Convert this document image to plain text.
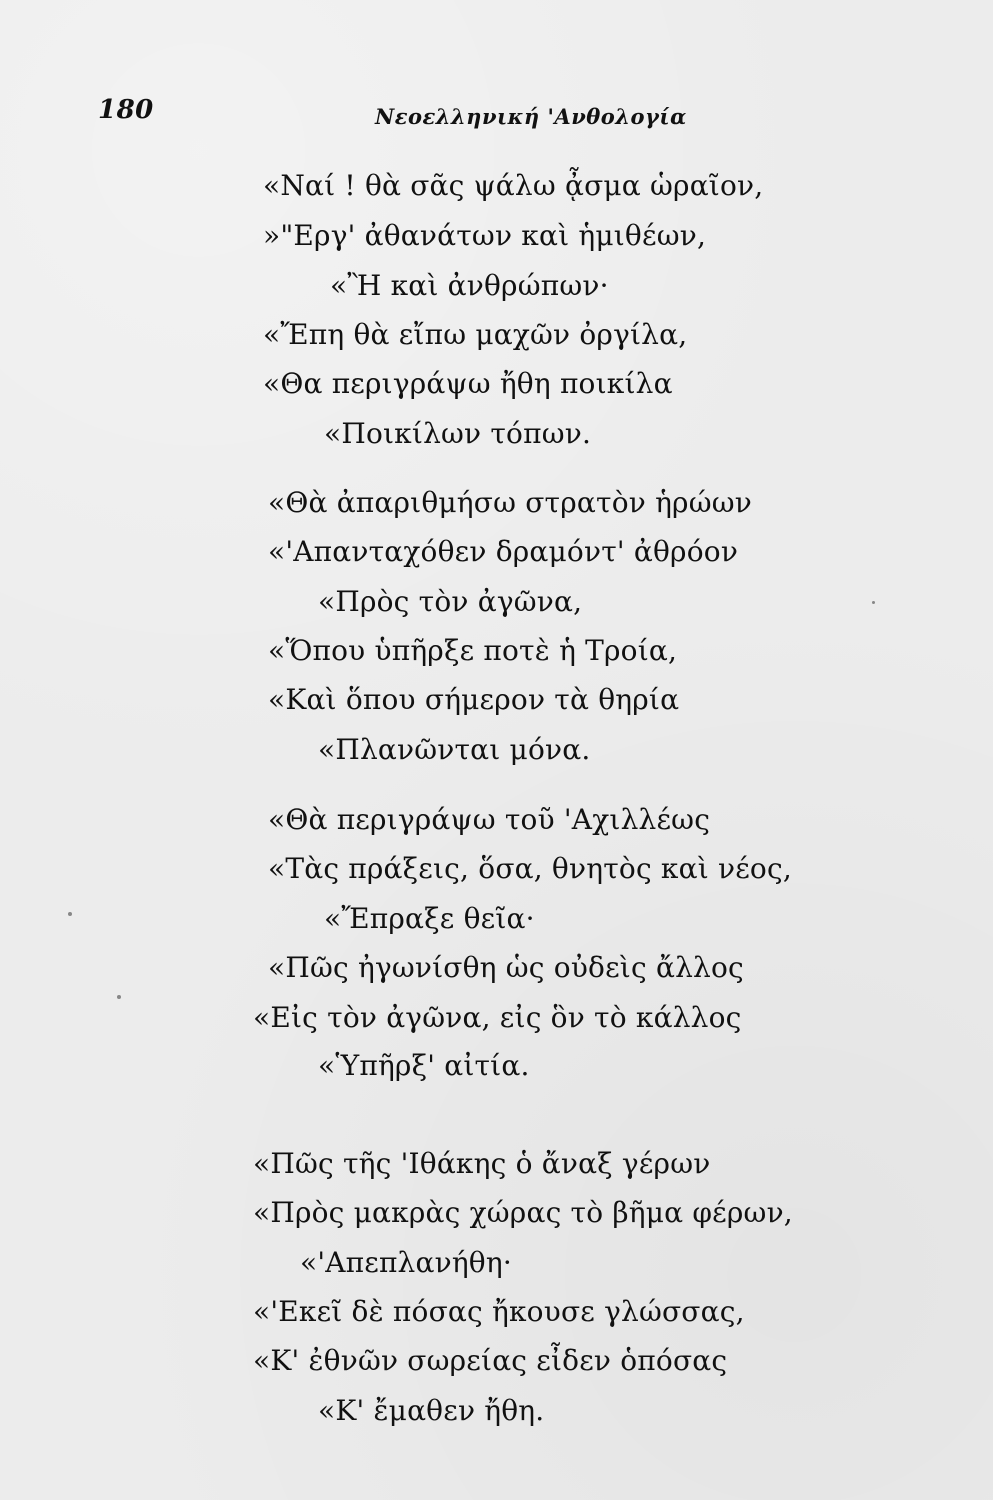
180	Νεοελληνική 'Ανθολογία
«Ναί ! θὰ σᾶς ψάλω ᾆσμα ὡραῖον,
»"Εργ' ἀθανάτων καὶ ἡμιθέων,
«Ἢ καὶ ἀνθρώπων·
«Ἔπη θὰ εἴπω μαχῶν ὀργίλα,
«Θα περιγράψω ἤθη ποικίλα
«Ποικίλων τόπων.
«Θὰ ἀπαριθμήσω στρατὸν ἡρώων
«'Απανταχόθεν δραμόντ' ἀθρόον
«Πρὸς τὸν ἀγῶνα,
«Ὅπου ὑπῆρξε ποτὲ ἡ Τροία,
«Καὶ ὅπου σήμερον τὰ θηρία
«Πλανῶνται μόνα.
«Θὰ περιγράψω τοῦ 'Αχιλλέως
«Τὰς πράξεις, ὅσα, θνητὸς καὶ νέος,
«Ἔπραξε θεῖα·
«Πῶς ἠγωνίσθη ὡς οὐδεὶς ἄλλος
«Εἰς τὸν ἀγῶνα, εἰς ὃν τὸ κάλλος
«Ὑπῆρξ' αἰτία.
«Πῶς τῆς 'Ιθάκης ὁ ἄναξ γέρων
«Πρὸς μακρὰς χώρας τὸ βῆμα φέρων,
«'Απεπλανήθη·
«'Εκεῖ δὲ πόσας ἤκουσε γλώσσας,
«Κ' ἐθνῶν σωρείας εἶδεν ὁπόσας
«Κ' ἔμαθεν ἤθη.
